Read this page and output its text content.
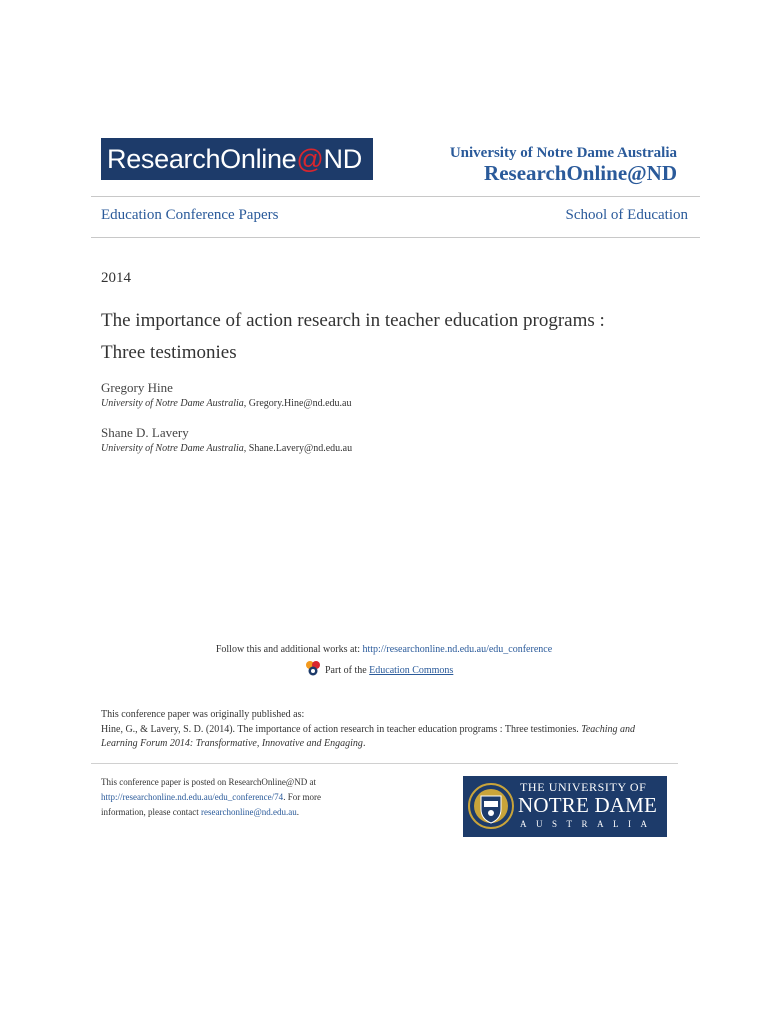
ResearchOnline@ND	University of Notre Dame Australia
ResearchOnline@ND
Education Conference Papers	School of Education
2014
The importance of action research in teacher education programs : Three testimonies
Gregory Hine
University of Notre Dame Australia, Gregory.Hine@nd.edu.au
Shane D. Lavery
University of Notre Dame Australia, Shane.Lavery@nd.edu.au
Follow this and additional works at: http://researchonline.nd.edu.au/edu_conference
Part of the Education Commons
This conference paper was originally published as:
Hine, G., & Lavery, S. D. (2014). The importance of action research in teacher education programs : Three testimonies. Teaching and Learning Forum 2014: Transformative, Innovative and Engaging.
This conference paper is posted on ResearchOnline@ND at
http://researchonline.nd.edu.au/edu_conference/74. For more information, please contact researchonline@nd.edu.au.
THE UNIVERSITY OF
NOTRE DAME
AUSTRALIA
